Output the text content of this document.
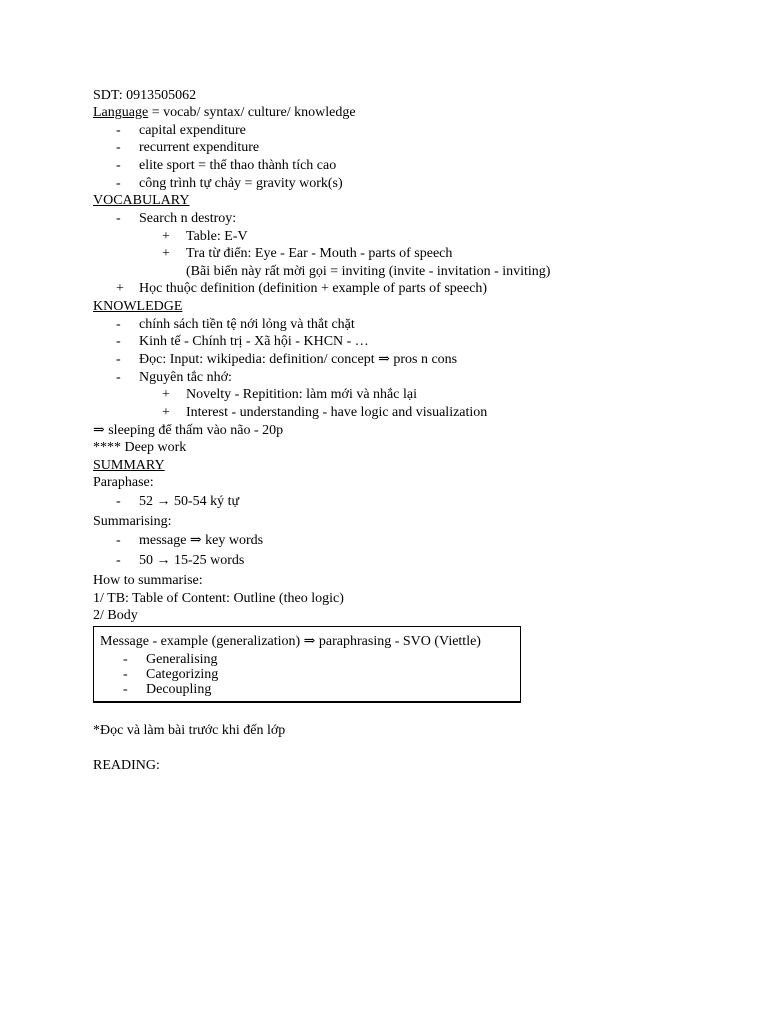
SDT: 0913505062
Language = vocab/ syntax/ culture/ knowledge
- capital expenditure
- recurrent expenditure
- elite sport = thể thao thành tích cao
- công trình tự chảy = gravity work(s)
VOCABULARY
- Search n destroy:
+ Table: E-V
+ Tra từ điển: Eye - Ear - Mouth - parts of speech
(Bãi biển này rất mời gọi = inviting (invite - invitation - inviting)
+ Học thuộc definition (definition + example of parts of speech)
KNOWLEDGE
- chính sách tiền tệ nới lỏng và thắt chặt
- Kinh tế - Chính trị - Xã hội - KHCN - …
- Đọc: Input: wikipedia: definition/ concept ⇒ pros n cons
- Nguyên tắc nhớ:
+ Novelty - Repitition: làm mới và nhắc lại
+ Interest - understanding - have logic and visualization
⇒ sleeping để thấm vào não - 20p
**** Deep work
SUMMARY
Paraphase:
- 52 → 50-54 ký tự
Summarising:
- message ⇒ key words
- 50 → 15-25 words
How to summarise:
1/ TB: Table of Content: Outline (theo logic)
2/ Body
Message - example (generalization) ⇒ paraphrasing - SVO (Viettle)
- Generalising
- Categorizing
- Decoupling
*Đọc và làm bài trước khi đến lớp
READING:
